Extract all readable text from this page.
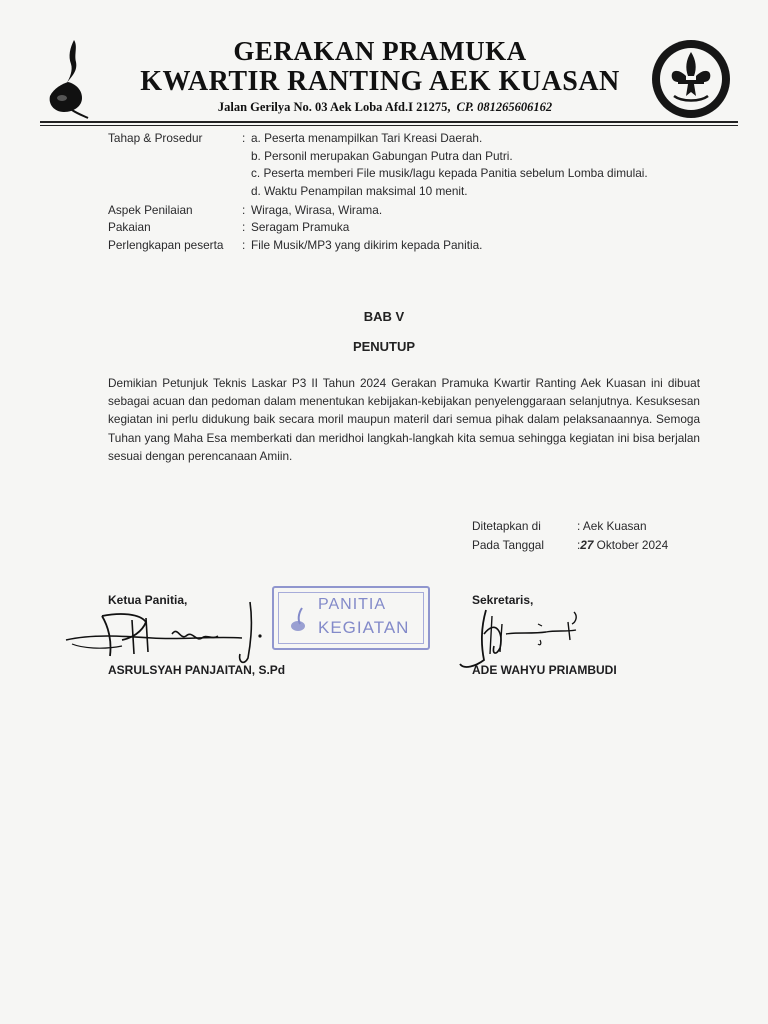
GERAKAN PRAMUKA
KWARTIR RANTING AEK KUASAN
Jalan Gerilya No. 03 Aek Loba Afd.I 21275, CP. 081265606162
Tahap & Prosedur	: a. Peserta menampilkan Tari Kreasi Daerah.
b. Personil merupakan Gabungan Putra dan Putri.
c. Peserta memberi File musik/lagu kepada Panitia sebelum Lomba dimulai.
d. Waktu Penampilan maksimal 10 menit.
Aspek Penilaian	: Wiraga, Wirasa, Wirama.
Pakaian	: Seragam Pramuka
Perlengkapan peserta : File Musik/MP3 yang dikirim kepada Panitia.
BAB V
PENUTUP
Demikian Petunjuk Teknis Laskar P3 II Tahun 2024 Gerakan Pramuka Kwartir Ranting Aek Kuasan ini dibuat sebagai acuan dan pedoman dalam menentukan kebijakan-kebijakan penyelenggaraan selanjutnya. Kesuksesan kegiatan ini perlu didukung baik secara moril maupun materil dari semua pihak dalam pelaksanaannya. Semoga Tuhan yang Maha Esa memberkati dan meridhoi langkah-langkah kita semua sehingga kegiatan ini bisa berjalan sesuai dengan perencanaan Amiin.
Ditetapkan di	: Aek Kuasan
Pada Tanggal	:27 Oktober 2024
Ketua Panitia,	Sekretaris,
PANITIA
KEGIATAN
ASRULSYAH PANJAITAN, S.Pd	ADE WAHYU PRIAMBUDI
